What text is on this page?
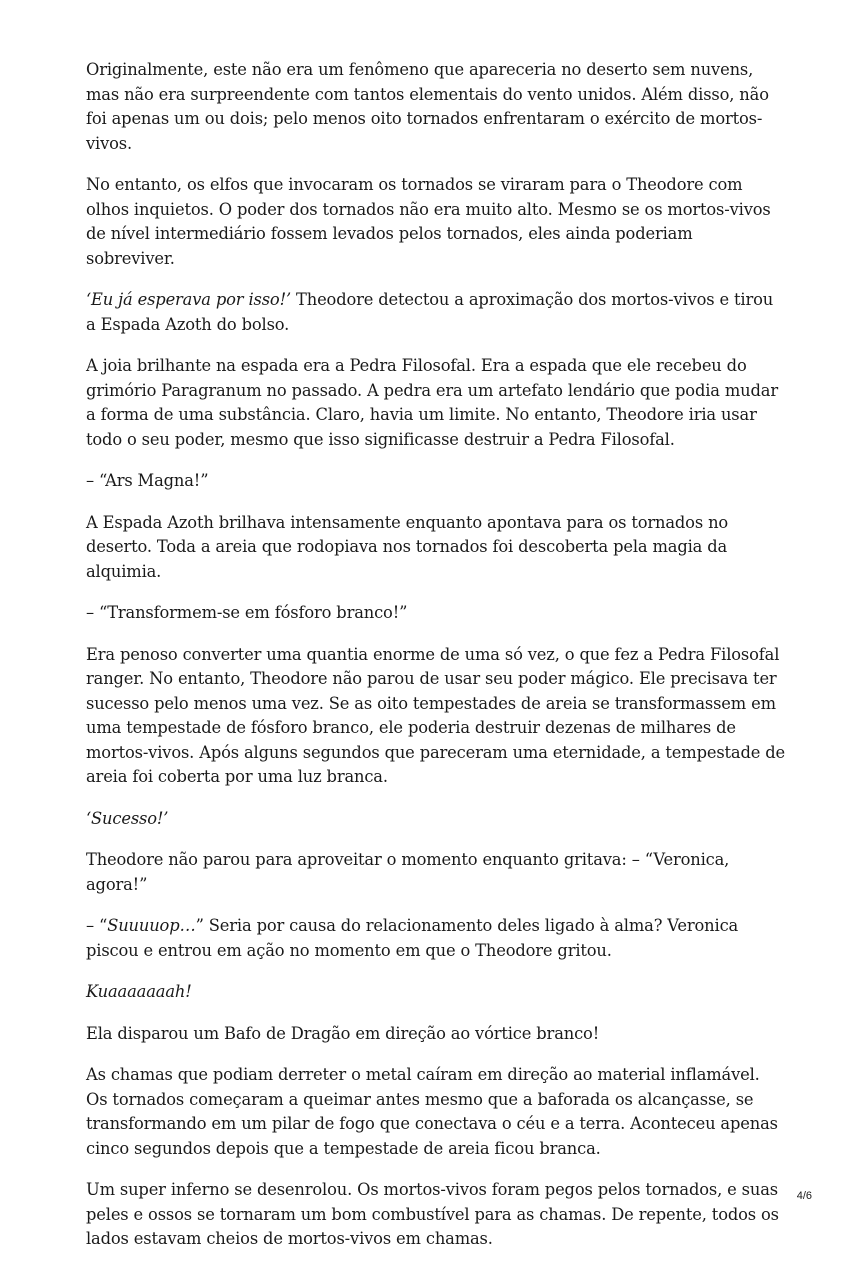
Originalmente, este não era um fenômeno que apareceria no deserto sem nuvens, mas não era surpreendente com tantos elementais do vento unidos. Além disso, não foi apenas um ou dois; pelo menos oito tornados enfrentaram o exército de mortos-vivos.

No entanto, os elfos que invocaram os tornados se viraram para o Theodore com olhos inquietos. O poder dos tornados não era muito alto. Mesmo se os mortos-vivos de nível intermediário fossem levados pelos tornados, eles ainda poderiam sobreviver.

‘Eu já esperava por isso!’ Theodore detectou a aproximação dos mortos-vivos e tirou a Espada Azoth do bolso.

A joia brilhante na espada era a Pedra Filosofal. Era a espada que ele recebeu do grimório Paragranum no passado. A pedra era um artefato lendário que podia mudar a forma de uma substância. Claro, havia um limite. No entanto, Theodore iria usar todo o seu poder, mesmo que isso significasse destruir a Pedra Filosofal.

– “Ars Magna!”

A Espada Azoth brilhava intensamente enquanto apontava para os tornados no deserto. Toda a areia que rodopiava nos tornados foi descoberta pela magia da alquimia.

– “Transformem-se em fósforo branco!”

Era penoso converter uma quantia enorme de uma só vez, o que fez a Pedra Filosofal ranger. No entanto, Theodore não parou de usar seu poder mágico. Ele precisava ter sucesso pelo menos uma vez. Se as oito tempestades de areia se transformassem em uma tempestade de fósforo branco, ele poderia destruir dezenas de milhares de mortos-vivos. Após alguns segundos que pareceram uma eternidade, a tempestade de areia foi coberta por uma luz branca.

‘Sucesso!’

Theodore não parou para aproveitar o momento enquanto gritava: – “Veronica, agora!”

– “Suuuuop…” Seria por causa do relacionamento deles ligado à alma? Veronica piscou e entrou em ação no momento em que o Theodore gritou.

Kuaaaaaaah!

Ela disparou um Bafo de Dragão em direção ao vórtice branco!

As chamas que podiam derreter o metal caíram em direção ao material inflamável. Os tornados começaram a queimar antes mesmo que a baforada os alcançasse, se transformando em um pilar de fogo que conectava o céu e a terra. Aconteceu apenas cinco segundos depois que a tempestade de areia ficou branca.

Um super inferno se desenrolou. Os mortos-vivos foram pegos pelos tornados, e suas peles e ossos se tornaram um bom combustível para as chamas. De repente, todos os lados estavam cheios de mortos-vivos em chamas.

4/6
